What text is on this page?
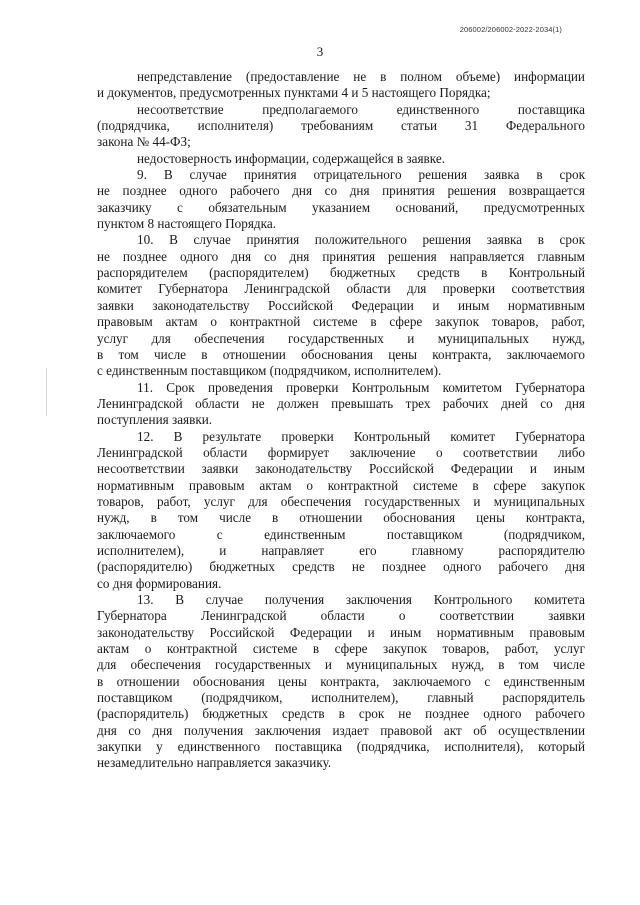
206002/206002-2022-2034(1)
3

непредставление (предоставление не в полном объеме) информации
и документов, предусмотренных пунктами 4 и 5 настоящего Порядка;

несоответствие предполагаемого единственного поставщика
(подрядчика, исполнителя) требованиям статьи 31 Федерального
закона № 44-ФЗ;

недостоверность информации, содержащейся в заявке.

9. В случае принятия отрицательного решения заявка в срок
не позднее одного рабочего дня со дня принятия решения возвращается
заказчику с обязательным указанием оснований, предусмотренных
пунктом 8 настоящего Порядка.

10. В случае принятия положительного решения заявка в срок
не позднее одного дня со дня принятия решения направляется главным
распорядителем (распорядителем) бюджетных средств в Контрольный
комитет Губернатора Ленинградской области для проверки соответствия
заявки законодательству Российской Федерации и иным нормативным
правовым актам о контрактной системе в сфере закупок товаров, работ,
услуг для обеспечения государственных и муниципальных нужд,
в том числе в отношении обоснования цены контракта, заключаемого
с единственным поставщиком (подрядчиком, исполнителем).

11. Срок проведения проверки Контрольным комитетом Губернатора
Ленинградской области не должен превышать трех рабочих дней со дня
поступления заявки.

12. В результате проверки Контрольный комитет Губернатора
Ленинградской области формирует заключение о соответствии либо
несоответствии заявки законодательству Российской Федерации и иным
нормативным правовым актам о контрактной системе в сфере закупок
товаров, работ, услуг для обеспечения государственных и муниципальных
нужд, в том числе в отношении обоснования цены контракта,
заключаемого с единственным поставщиком (подрядчиком,
исполнителем), и направляет его главному распорядителю
(распорядителю) бюджетных средств не позднее одного рабочего дня
со дня формирования.

13. В случае получения заключения Контрольного комитета
Губернатора Ленинградской области о соответствии заявки
законодательству Российской Федерации и иным нормативным правовым
актам о контрактной системе в сфере закупок товаров, работ, услуг
для обеспечения государственных и муниципальных нужд, в том числе
в отношении обоснования цены контракта, заключаемого с единственным
поставщиком (подрядчиком, исполнителем), главный распорядитель
(распорядитель) бюджетных средств в срок не позднее одного рабочего
дня со дня получения заключения издает правовой акт об осуществлении
закупки у единственного поставщика (подрядчика, исполнителя), который
незамедлительно направляется заказчику.
